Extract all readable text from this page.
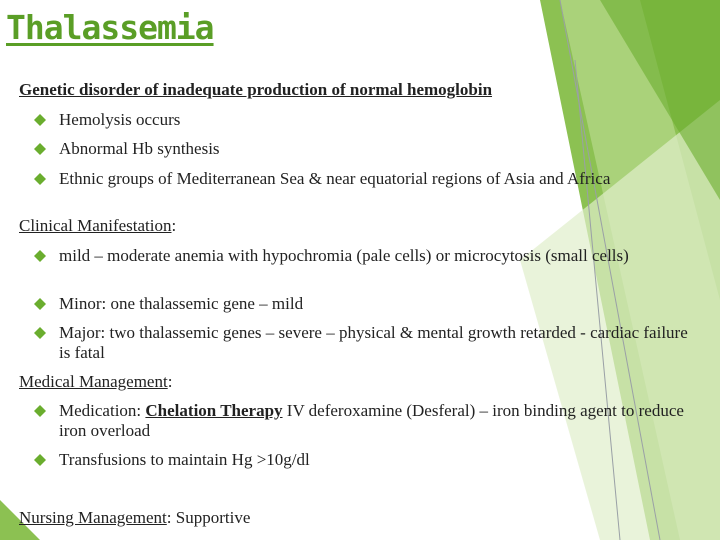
Thalassemia

Genetic disorder of inadequate production of normal hemoglobin

Hemolysis occurs
Abnormal Hb synthesis
Ethnic groups of Mediterranean Sea & near equatorial regions of Asia and Africa

Clinical Manifestation:

mild – moderate anemia with hypochromia (pale cells) or microcytosis (small cells)
Minor: one thalassemic gene – mild
Major: two thalassemic genes – severe – physical & mental growth retarded - cardiac failure is fatal

Medical Management:

Medication: Chelation Therapy IV deferoxamine (Desferal) – iron binding agent to reduce iron overload
Transfusions to maintain Hg >10g/dl

Nursing Management: Supportive
